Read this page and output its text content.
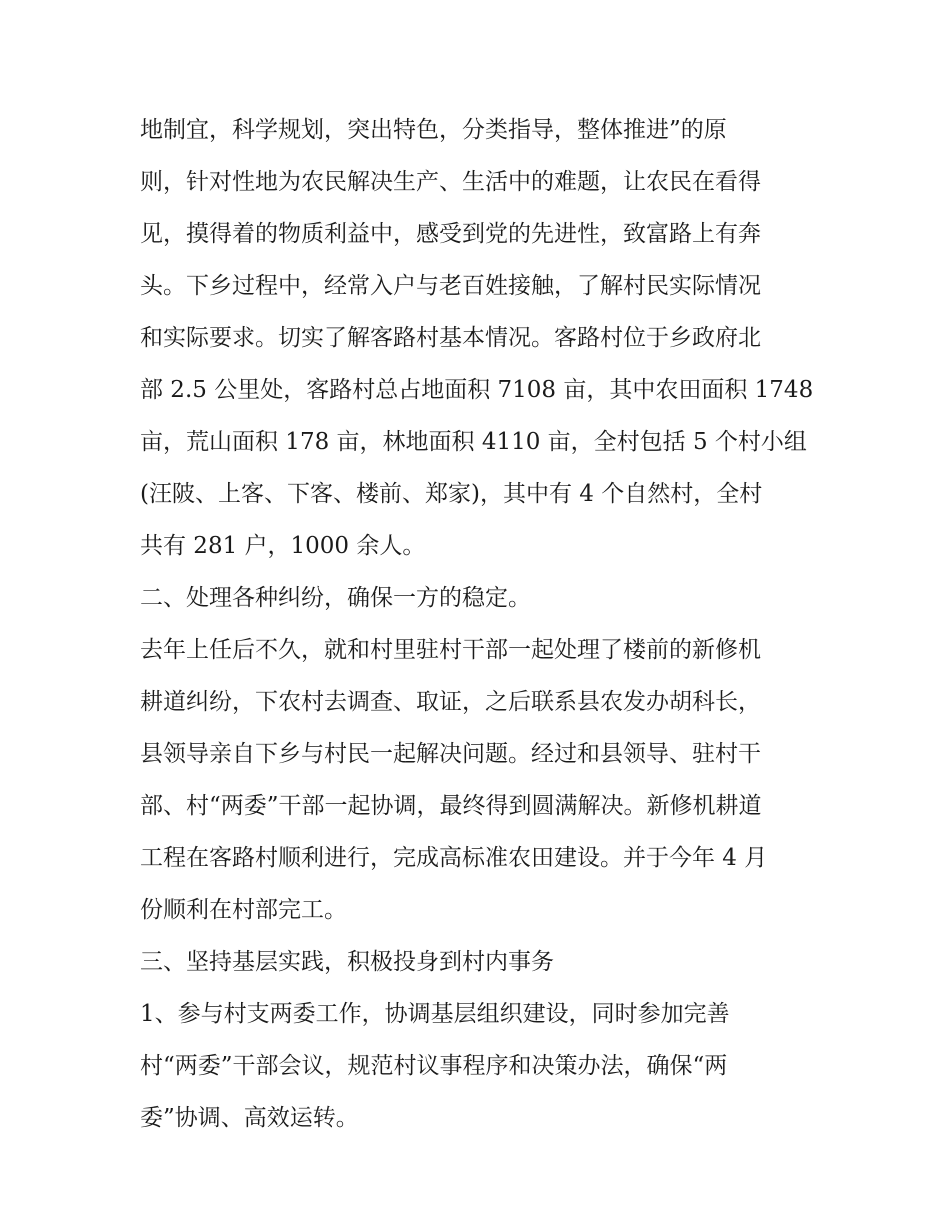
地制宜，科学规划，突出特色，分类指导，整体推进”的原

则，针对性地为农民解决生产、生活中的难题，让农民在看得

见，摸得着的物质利益中，感受到党的先进性，致富路上有奔

头。下乡过程中，经常入户与老百姓接触，了解村民实际情况

和实际要求。切实了解客路村基本情况。客路村位于乡政府北

部 2.5 公里处，客路村总占地面积 7108 亩，其中农田面积 1748

亩，荒山面积 178 亩，林地面积 4110 亩，全村包括 5 个村小组

(汪陂、上客、下客、楼前、郑家)，其中有 4 个自然村，全村

共有 281 户，1000 余人。

二、处理各种纠纷，确保一方的稳定。

去年上任后不久，就和村里驻村干部一起处理了楼前的新修机

耕道纠纷，下农村去调查、取证，之后联系县农发办胡科长，

县领导亲自下乡与村民一起解决问题。经过和县领导、驻村干

部、村“两委”干部一起协调，最终得到圆满解决。新修机耕道

工程在客路村顺利进行，完成高标准农田建设。并于今年 4 月

份顺利在村部完工。

三、坚持基层实践，积极投身到村内事务

1、参与村支两委工作，协调基层组织建设，同时参加完善

村“两委”干部会议，规范村议事程序和决策办法，确保“两

委”协调、高效运转。
